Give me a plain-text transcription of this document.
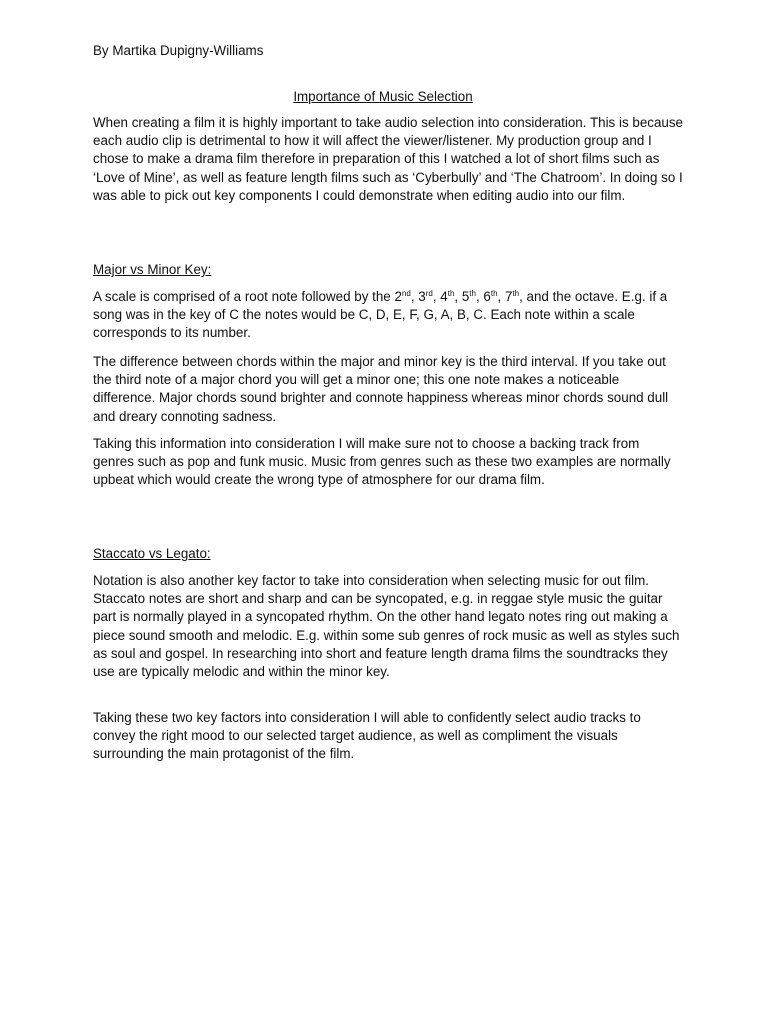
By Martika Dupigny-Williams

Importance of Music Selection

When creating a film it is highly important to take audio selection into consideration. This is because each audio clip is detrimental to how it will affect the viewer/listener. My production group and I chose to make a drama film therefore in preparation of this I watched a lot of short films such as ‘Love of Mine’, as well as feature length films such as ‘Cyberbully’ and ‘The Chatroom’. In doing so I was able to pick out key components I could demonstrate when editing audio into our film.

Major vs Minor Key:

A scale is comprised of a root note followed by the 2nd, 3rd, 4th, 5th, 6th, 7th, and the octave. E.g. if a song was in the key of C the notes would be C, D, E, F, G, A, B, C. Each note within a scale corresponds to its number.

The difference between chords within the major and minor key is the third interval. If you take out the third note of a major chord you will get a minor one; this one note makes a noticeable difference. Major chords sound brighter and connote happiness whereas minor chords sound dull and dreary connoting sadness.

Taking this information into consideration I will make sure not to choose a backing track from genres such as pop and funk music. Music from genres such as these two examples are normally upbeat which would create the wrong type of atmosphere for our drama film.

Staccato vs Legato:

Notation is also another key factor to take into consideration when selecting music for out film. Staccato notes are short and sharp and can be syncopated, e.g. in reggae style music the guitar part is normally played in a syncopated rhythm. On the other hand legato notes ring out making a piece sound smooth and melodic. E.g. within some sub genres of rock music as well as styles such as soul and gospel. In researching into short and feature length drama films the soundtracks they use are typically melodic and within the minor key.

Taking these two key factors into consideration I will able to confidently select audio tracks to convey the right mood to our selected target audience, as well as compliment the visuals surrounding the main protagonist of the film.
